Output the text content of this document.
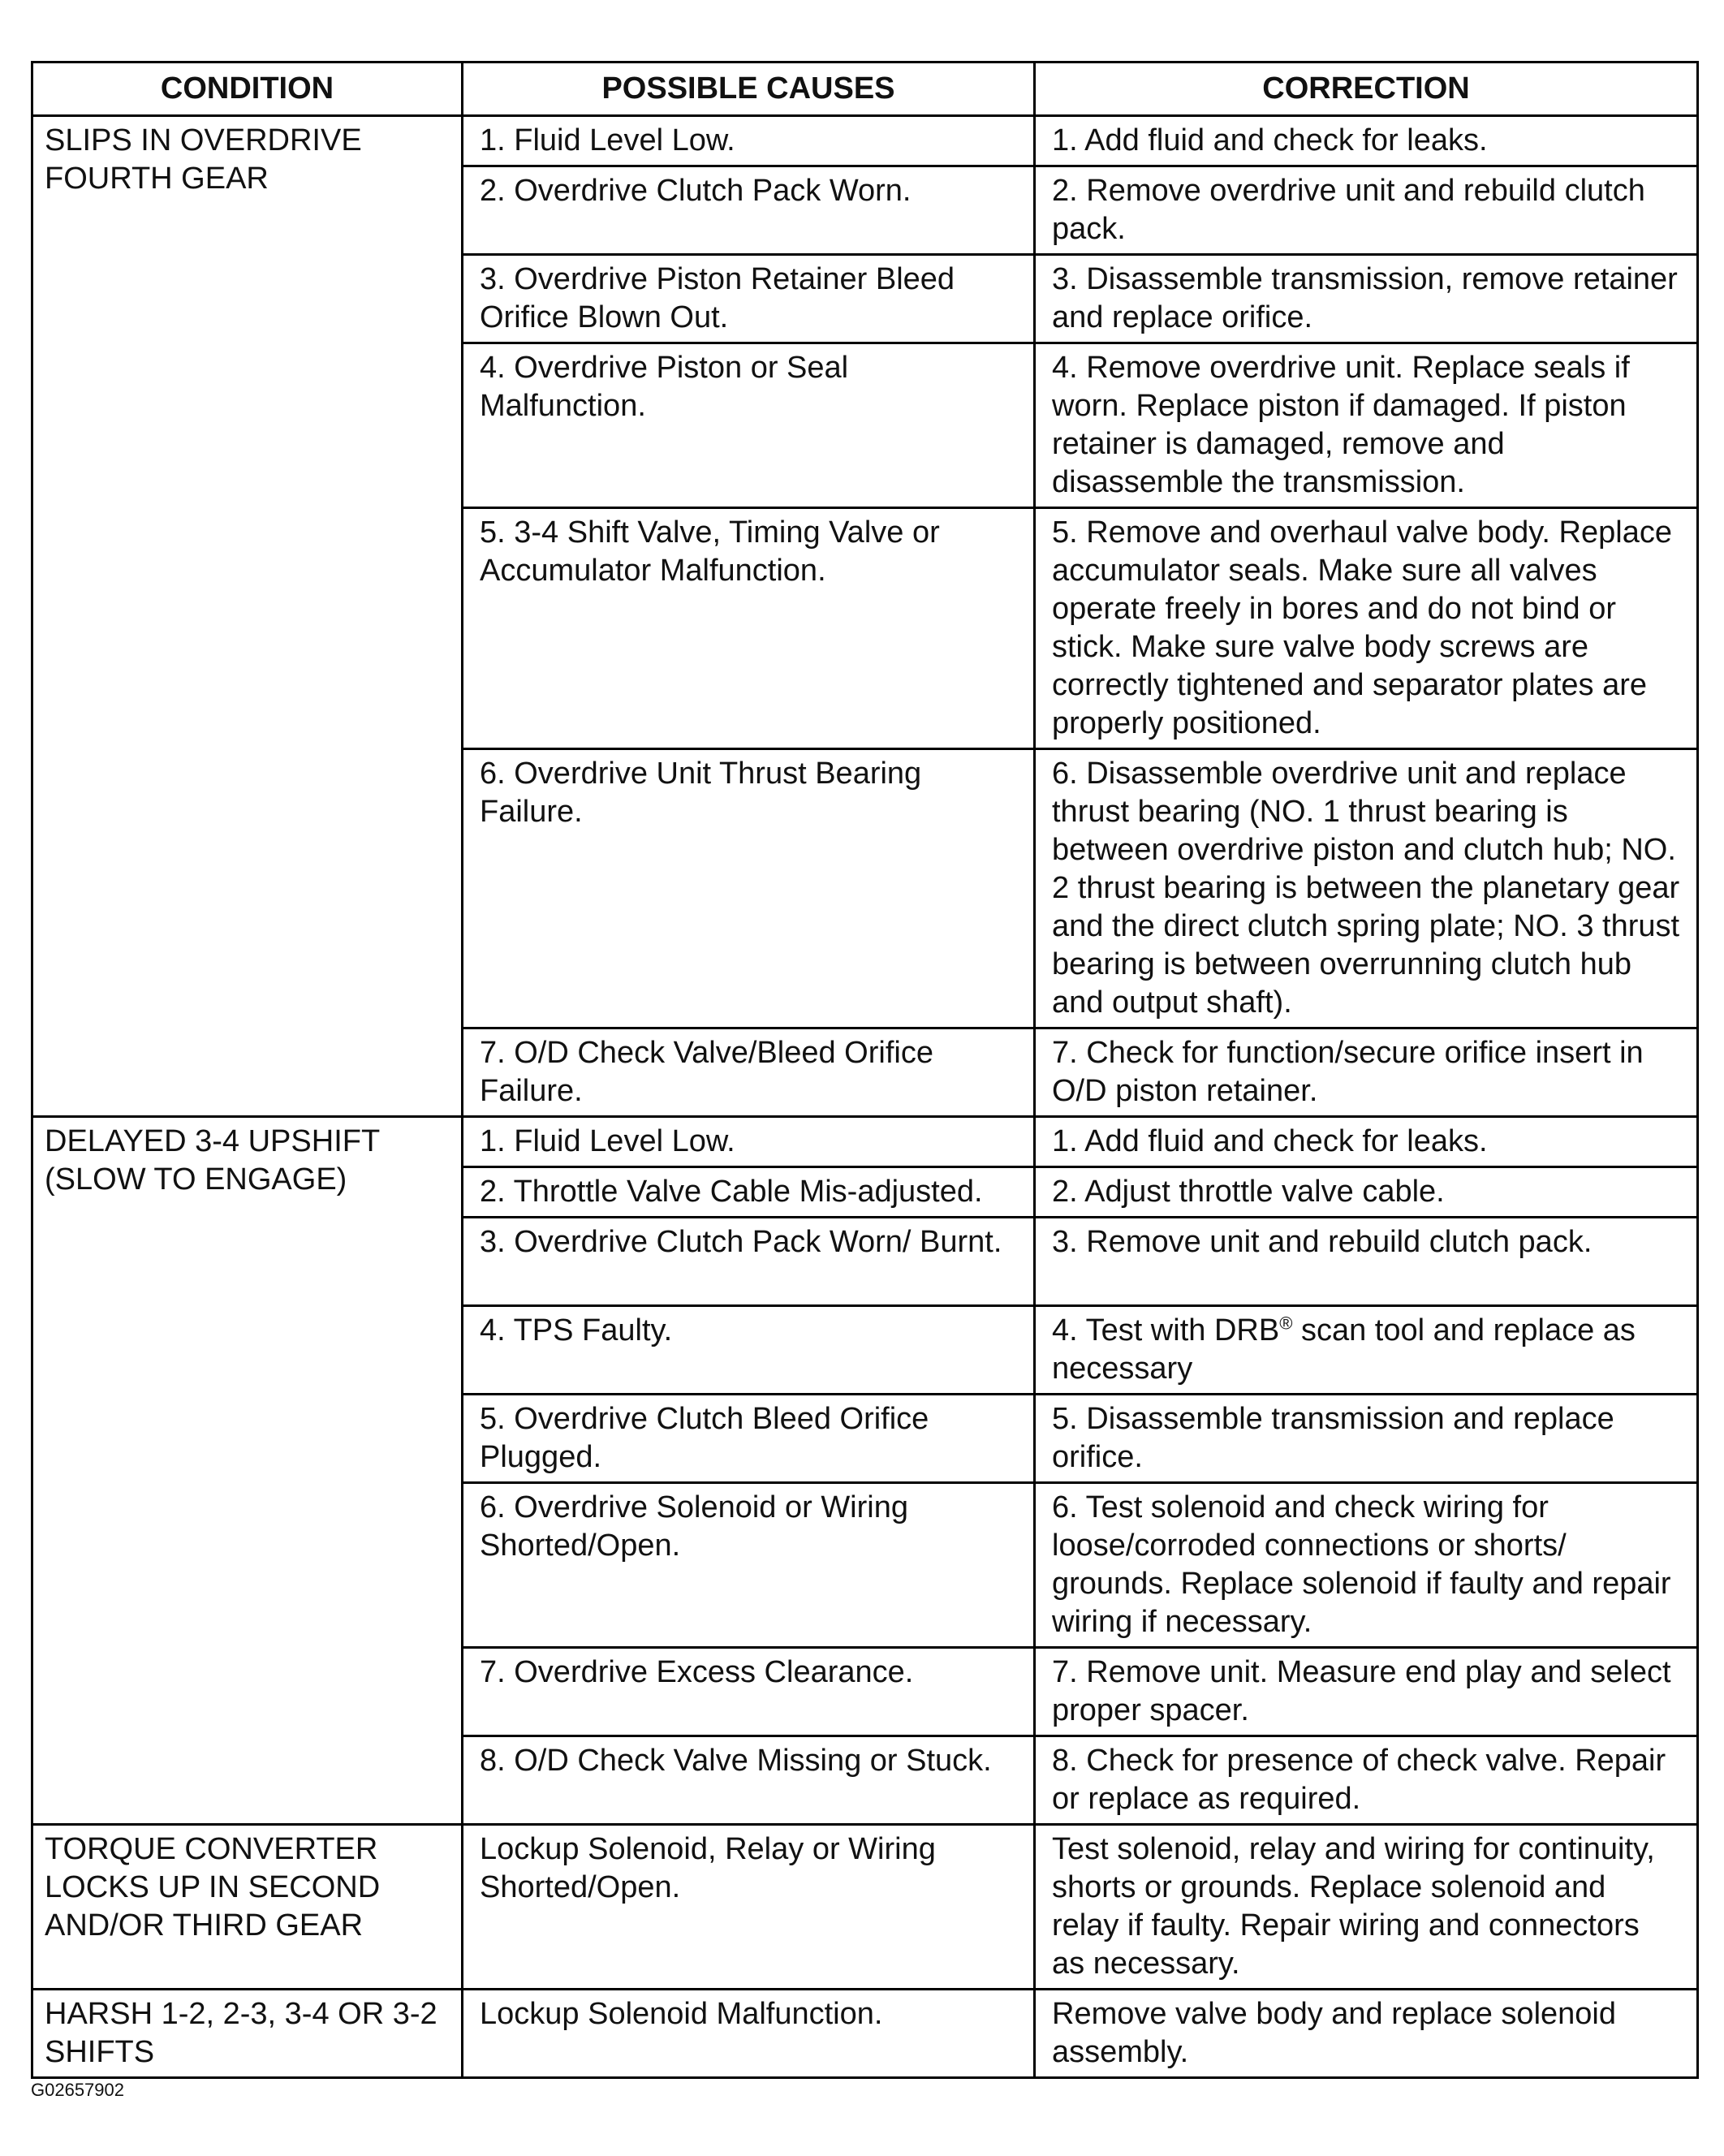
CONDITION	POSSIBLE CAUSES	CORRECTION
SLIPS IN OVERDRIVE FOURTH GEAR	1. Fluid Level Low.	1. Add fluid and check for leaks.
	2. Overdrive Clutch Pack Worn.	2. Remove overdrive unit and rebuild clutch pack.
	3. Overdrive Piston Retainer Bleed Orifice Blown Out.	3. Disassemble transmission, remove retainer and replace orifice.
	4. Overdrive Piston or Seal Malfunction.	4. Remove overdrive unit. Replace seals if worn. Replace piston if damaged. If piston retainer is damaged, remove and disassemble the transmission.
	5. 3-4 Shift Valve, Timing Valve or Accumulator Malfunction.	5. Remove and overhaul valve body. Replace accumulator seals. Make sure all valves operate freely in bores and do not bind or stick. Make sure valve body screws are correctly tightened and separator plates are properly positioned.
	6. Overdrive Unit Thrust Bearing Failure.	6. Disassemble overdrive unit and replace thrust bearing (NO. 1 thrust bearing is between overdrive piston and clutch hub; NO. 2 thrust bearing is between the planetary gear and the direct clutch spring plate; NO. 3 thrust bearing is between overrunning clutch hub and output shaft).
	7. O/D Check Valve/Bleed Orifice Failure.	7. Check for function/secure orifice insert in O/D piston retainer.
DELAYED 3-4 UPSHIFT (SLOW TO ENGAGE)	1. Fluid Level Low.	1. Add fluid and check for leaks.
	2. Throttle Valve Cable Mis-adjusted.	2. Adjust throttle valve cable.
	3. Overdrive Clutch Pack Worn/ Burnt.	3. Remove unit and rebuild clutch pack.
	4. TPS Faulty.	4. Test with DRB® scan tool and replace as necessary
	5. Overdrive Clutch Bleed Orifice Plugged.	5. Disassemble transmission and replace orifice.
	6. Overdrive Solenoid or Wiring Shorted/Open.	6. Test solenoid and check wiring for loose/corroded connections or shorts/ grounds. Replace solenoid if faulty and repair wiring if necessary.
	7. Overdrive Excess Clearance.	7. Remove unit. Measure end play and select proper spacer.
	8. O/D Check Valve Missing or Stuck.	8. Check for presence of check valve. Repair or replace as required.
TORQUE CONVERTER LOCKS UP IN SECOND AND/OR THIRD GEAR	Lockup Solenoid, Relay or Wiring Shorted/Open.	Test solenoid, relay and wiring for continuity, shorts or grounds. Replace solenoid and relay if faulty. Repair wiring and connectors as necessary.
HARSH 1-2, 2-3, 3-4 OR 3-2 SHIFTS	Lockup Solenoid Malfunction.	Remove valve body and replace solenoid assembly.
G02657902
